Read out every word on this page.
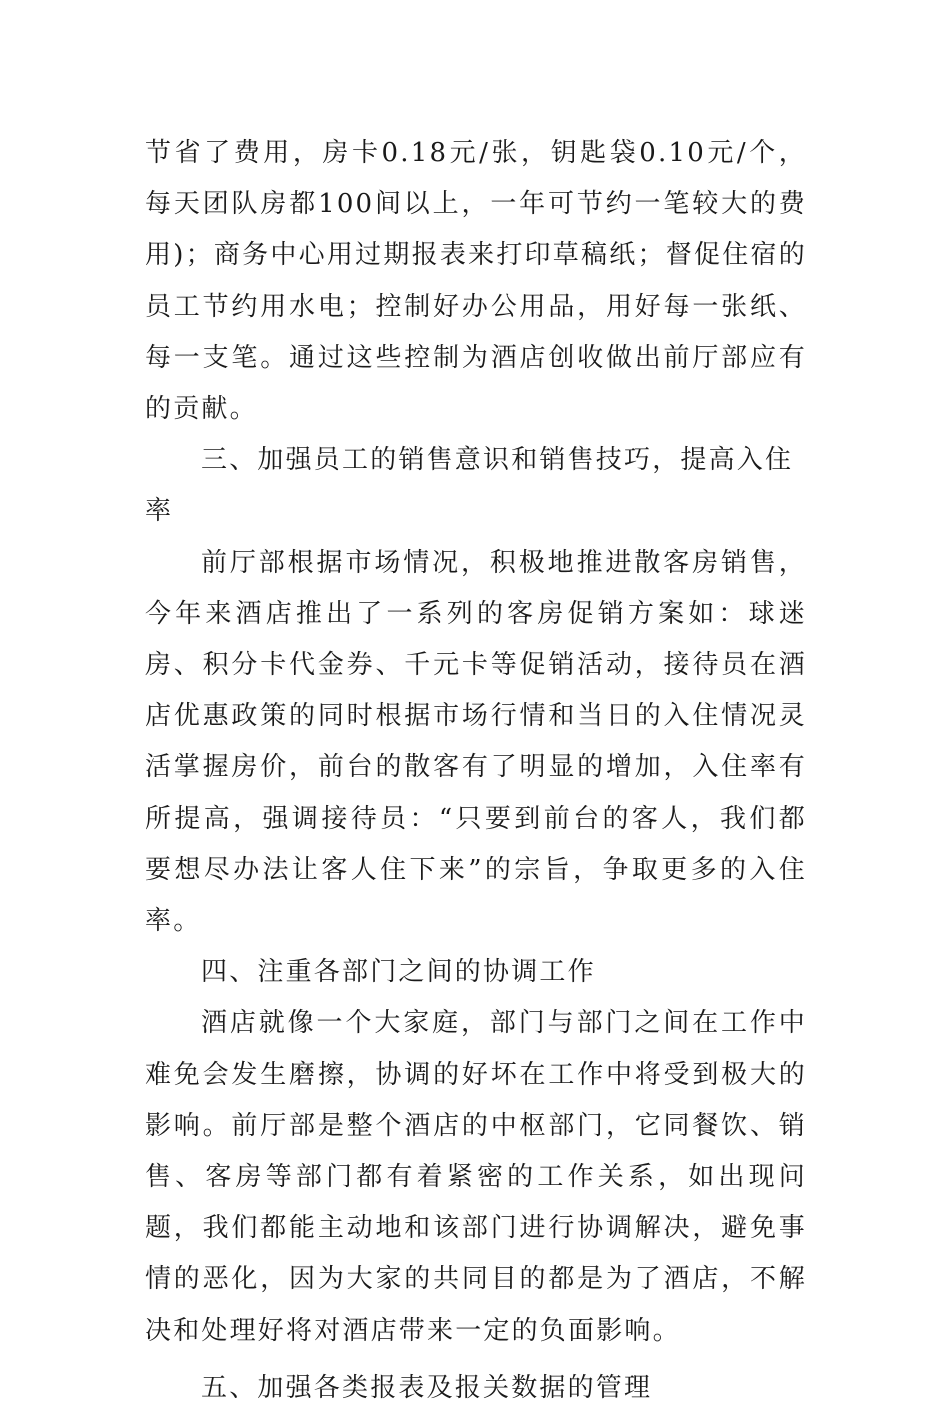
节省了费用，房卡0.18元/张，钥匙袋0.10元/个，每天团队房都100间以上，一年可节约一笔较大的费用)；商务中心用过期报表来打印草稿纸；督促住宿的员工节约用水电；控制好办公用品，用好每一张纸、每一支笔。通过这些控制为酒店创收做出前厅部应有的贡献。

三、加强员工的销售意识和销售技巧，提高入住率

前厅部根据市场情况，积极地推进散客房销售，今年来酒店推出了一系列的客房促销方案如：球迷房、积分卡代金券、千元卡等促销活动，接待员在酒店优惠政策的同时根据市场行情和当日的入住情况灵活掌握房价，前台的散客有了明显的增加，入住率有所提高，强调接待员：“只要到前台的客人，我们都要想尽办法让客人住下来”的宗旨，争取更多的入住率。

四、注重各部门之间的协调工作

酒店就像一个大家庭，部门与部门之间在工作中难免会发生磨擦，协调的好坏在工作中将受到极大的影响。前厅部是整个酒店的中枢部门，它同餐饮、销售、客房等部门都有着紧密的工作关系，如出现问题，我们都能主动地和该部门进行协调解决，避免事情的恶化，因为大家的共同目的都是为了酒店，不解决和处理好将对酒店带来一定的负面影响。

五、加强各类报表及报关数据的管理
